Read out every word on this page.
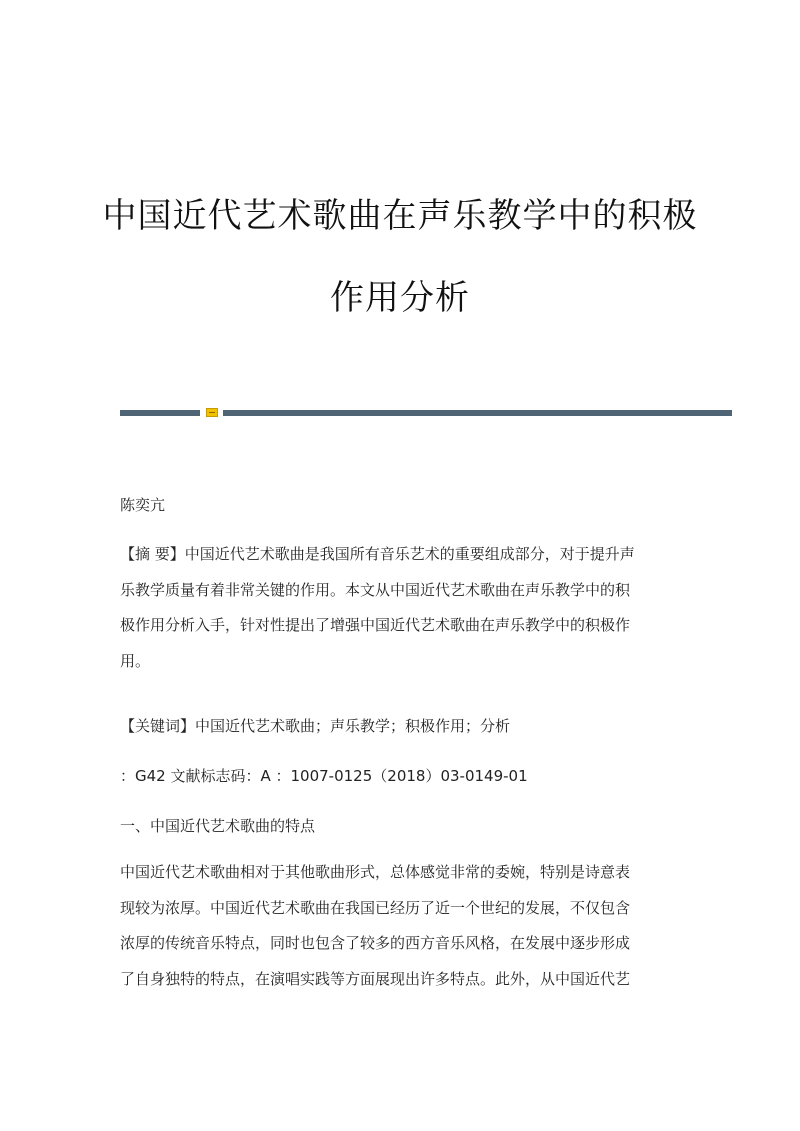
中国近代艺术歌曲在声乐教学中的积极
作用分析
陈奕亢
【摘 要】中国近代艺术歌曲是我国所有音乐艺术的重要组成部分，对于提升声
乐教学质量有着非常关键的作用。本文从中国近代艺术歌曲在声乐教学中的积
极作用分析入手，针对性提出了增强中国近代艺术歌曲在声乐教学中的积极作
用。
【关键词】中国近代艺术歌曲；声乐教学；积极作用；分析
：G42 文献标志码：A ：1007-0125（2018）03-0149-01
一、中国近代艺术歌曲的特点
中国近代艺术歌曲相对于其他歌曲形式，总体感觉非常的委婉，特别是诗意表
现较为浓厚。中国近代艺术歌曲在我国已经历了近一个世纪的发展，不仅包含
浓厚的传统音乐特点，同时也包含了较多的西方音乐风格，在发展中逐步形成
了自身独特的特点，在演唱实践等方面展现出许多特点。此外，从中国近代艺
